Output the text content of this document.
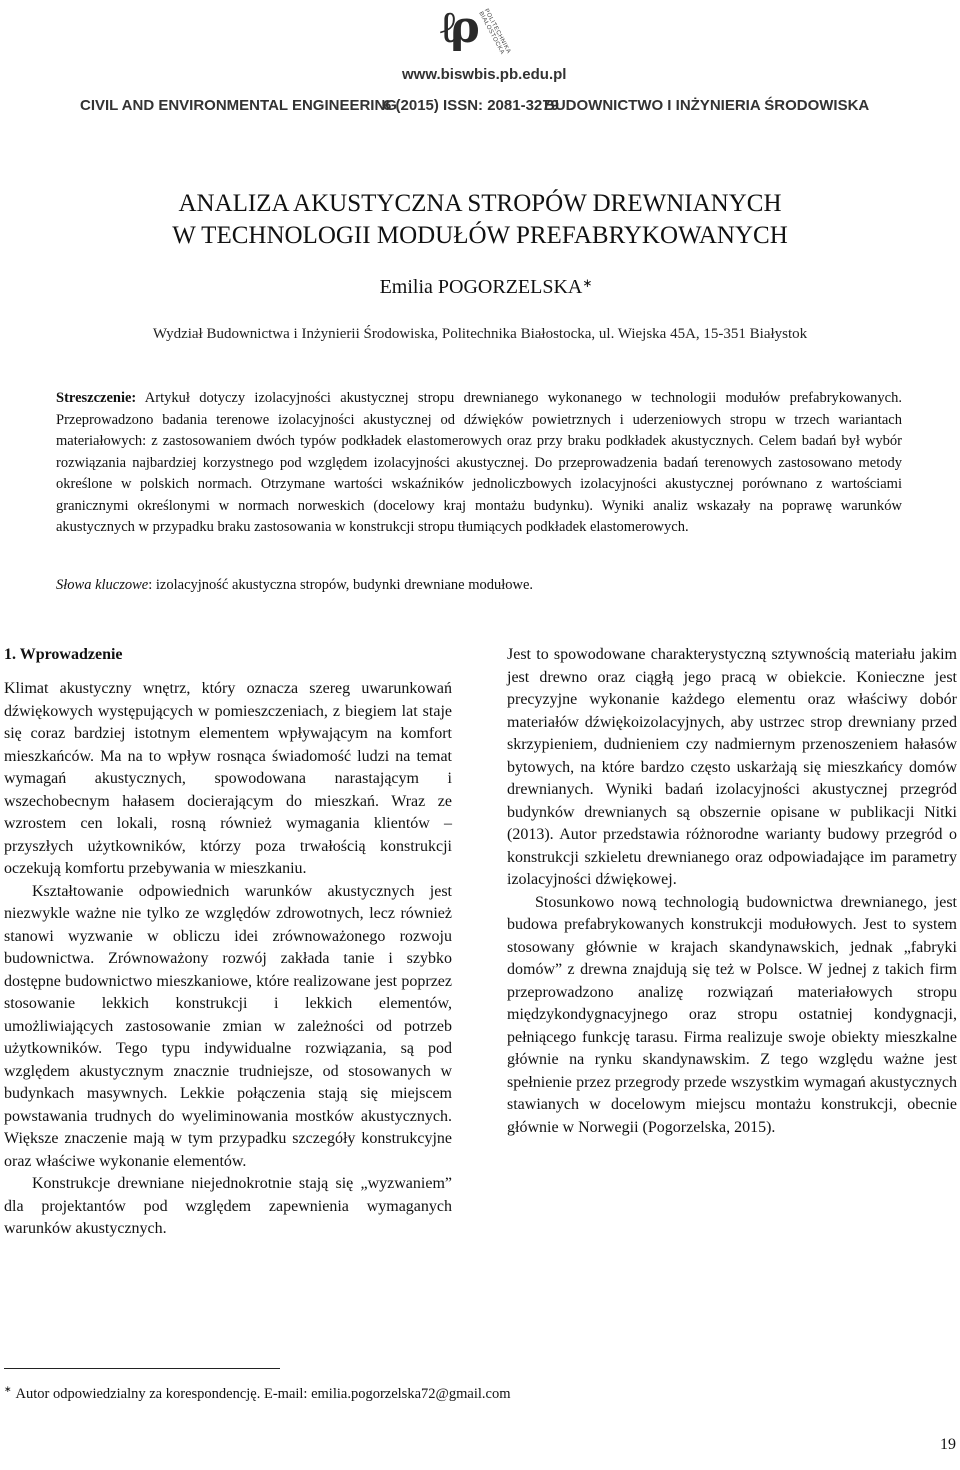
ℓρ	POLITECHNIKA BIAŁOSTOCKA
www.biswbis.pb.edu.pl
CIVIL AND ENVIRONMENTAL ENGINEERING
6 (2015) ISSN: 2081-3279
BUDOWNICTWO I INŻYNIERIA ŚRODOWISKA
ANALIZA AKUSTYCZNA STROPÓW DREWNIANYCH
W TECHNOLOGII MODUŁÓW PREFABRYKOWANYCH
Emilia POGORZELSKA∗
Wydział Budownictwa i Inżynierii Środowiska, Politechnika Białostocka, ul. Wiejska 45A, 15-351 Białystok
Streszczenie: Artykuł dotyczy izolacyjności akustycznej stropu drewnianego wykonanego w technologii modułów prefabrykowanych. Przeprowadzono badania terenowe izolacyjności akustycznej od dźwięków powietrznych i uderzeniowych stropu w trzech wariantach materiałowych: z zastosowaniem dwóch typów podkładek elastomerowych oraz przy braku podkładek akustycznych. Celem badań był wybór rozwiązania najbardziej korzystnego pod względem izolacyjności akustycznej. Do przeprowadzenia badań terenowych zastosowano metody określone w polskich normach. Otrzymane wartości wskaźników jednoliczbowych izolacyjności akustycznej porównano z wartościami granicznymi określonymi w normach norweskich (docelowy kraj montażu budynku). Wyniki analiz wskazały na poprawę warunków akustycznych w przypadku braku zastosowania w konstrukcji stropu tłumiących podkładek elastomerowych.
Słowa kluczowe: izolacyjność akustyczna stropów, budynki drewniane modułowe.
1. Wprowadzenie

Klimat akustyczny wnętrz, który oznacza szereg uwarunkowań dźwiękowych występujących w pomieszczeniach, z biegiem lat staje się coraz bardziej istotnym elementem wpływającym na komfort mieszkańców. Ma na to wpływ rosnąca świadomość ludzi na temat wymagań akustycznych, spowodowana narastającym i wszechobecnym hałasem docierającym do mieszkań. Wraz ze wzrostem cen lokali, rosną również wymagania klientów – przyszłych użytkowników, którzy poza trwałością konstrukcji oczekują komfortu przebywania w mieszkaniu.

Kształtowanie odpowiednich warunków akustycznych jest niezwykle ważne nie tylko ze względów zdrowotnych, lecz również stanowi wyzwanie w obliczu idei zrównoważonego rozwoju budownictwa. Zrównoważony rozwój zakłada tanie i szybko dostępne budownictwo mieszkaniowe, które realizowane jest poprzez stosowanie lekkich konstrukcji i lekkich elementów, umożliwiających zastosowanie zmian w zależności od potrzeb użytkowników. Tego typu indywidualne rozwiązania, są pod względem akustycznym znacznie trudniejsze, od stosowanych w budynkach masywnych. Lekkie połączenia stają się miejscem powstawania trudnych do wyeliminowania mostków akustycznych. Większe znaczenie mają w tym przypadku szczegóły konstrukcyjne oraz właściwe wykonanie elementów.

Konstrukcje drewniane niejednokrotnie stają się „wyzwaniem” dla projektantów pod względem zapewnienia wymaganych warunków akustycznych.

Jest to spowodowane charakterystyczną sztywnością materiału jakim jest drewno oraz ciągłą jego pracą w obiekcie. Konieczne jest precyzyjne wykonanie każdego elementu oraz właściwy dobór materiałów dźwiękoizolacyjnych, aby ustrzec strop drewniany przed skrzypieniem, dudnieniem czy nadmiernym przenoszeniem hałasów bytowych, na które bardzo często uskarżają się mieszkańcy domów drewnianych. Wyniki badań izolacyjności akustycznej przegród budynków drewnianych są obszernie opisane w publikacji Nitki (2013). Autor przedstawia różnorodne warianty budowy przegród o konstrukcji szkieletu drewnianego oraz odpowiadające im parametry izolacyjności dźwiękowej.

Stosunkowo nową technologią budownictwa drewnianego, jest budowa prefabrykowanych konstrukcji modułowych. Jest to system stosowany głównie w krajach skandynawskich, jednak „fabryki domów” z drewna znajdują się też w Polsce. W jednej z takich firm przeprowadzono analizę rozwiązań materiałowych stropu międzykondygnacyjnego oraz stropu ostatniej kondygnacji, pełniącego funkcję tarasu. Firma realizuje swoje obiekty mieszkalne głównie na rynku skandynawskim. Z tego względu ważne jest spełnienie przez przegrody przede wszystkim wymagań akustycznych stawianych w docelowym miejscu montażu konstrukcji, obecnie głównie w Norwegii (Pogorzelska, 2015).

∗ Autor odpowiedzialny za korespondencję. E-mail: emilia.pogorzelska72@gmail.com
19
